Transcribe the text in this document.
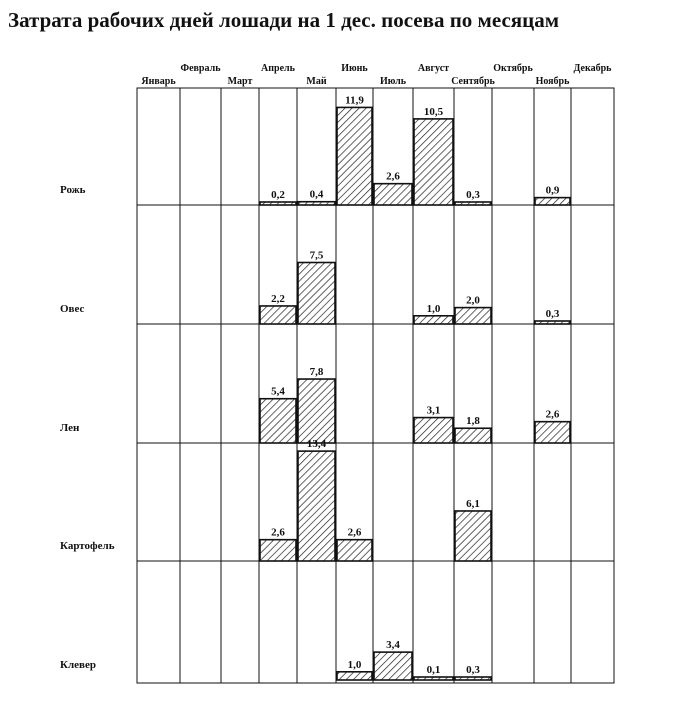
Затрата рабочих дней лошади на 1 дес. посева по месяцам
Январь
Февраль
Март
Апрель
Май
Июнь
Июль
Август
Сентябрь
Октябрь
Ноябрь
Декабрь
Рожь
Овес
Лен
Картофель
Клевер
0,2 0,4
11,9
2,6
10,5
0,3	0,9
2,2
7,5
1,0
2,0
0,3
5,4
7,8
3,1
1,8
2,6
2,6
13,4
2,6
6,1
1,0
3,4
0,1 0,3
